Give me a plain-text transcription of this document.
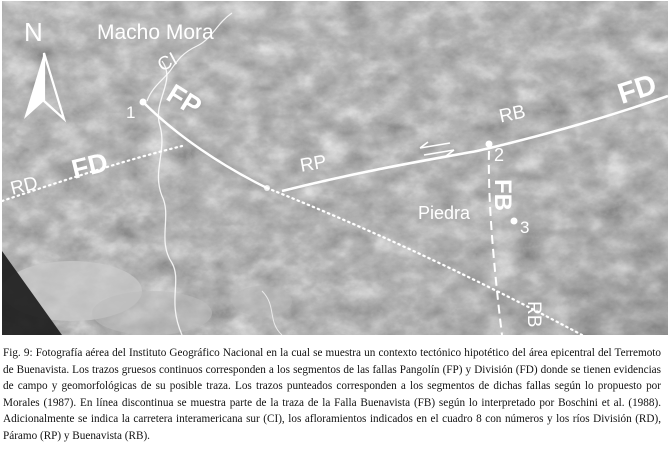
N	Macho Mora
CI
FP
1
FD
RD
RP
RB
FD
2
FB
Piedra
3
RB

Fig. 9: Fotografía aérea del Instituto Geográfico Nacional en la cual se muestra un contexto tectónico hipotético del área epicentral del Terremoto de Buenavista. Los trazos gruesos continuos corresponden a los segmentos de las fallas Pangolín (FP) y División (FD) donde se tienen evidencias de campo y geomorfológicas de su posible traza. Los trazos punteados corresponden a los segmentos de dichas fallas según lo propuesto por Morales (1987). En línea discontinua se muestra parte de la traza de la Falla Buenavista (FB) según lo interpretado por Boschini et al. (1988). Adicionalmente se indica la carretera interamericana sur (CI), los afloramientos indicados en el cuadro 8 con números y los ríos División (RD), Páramo (RP) y Buenavista (RB).
